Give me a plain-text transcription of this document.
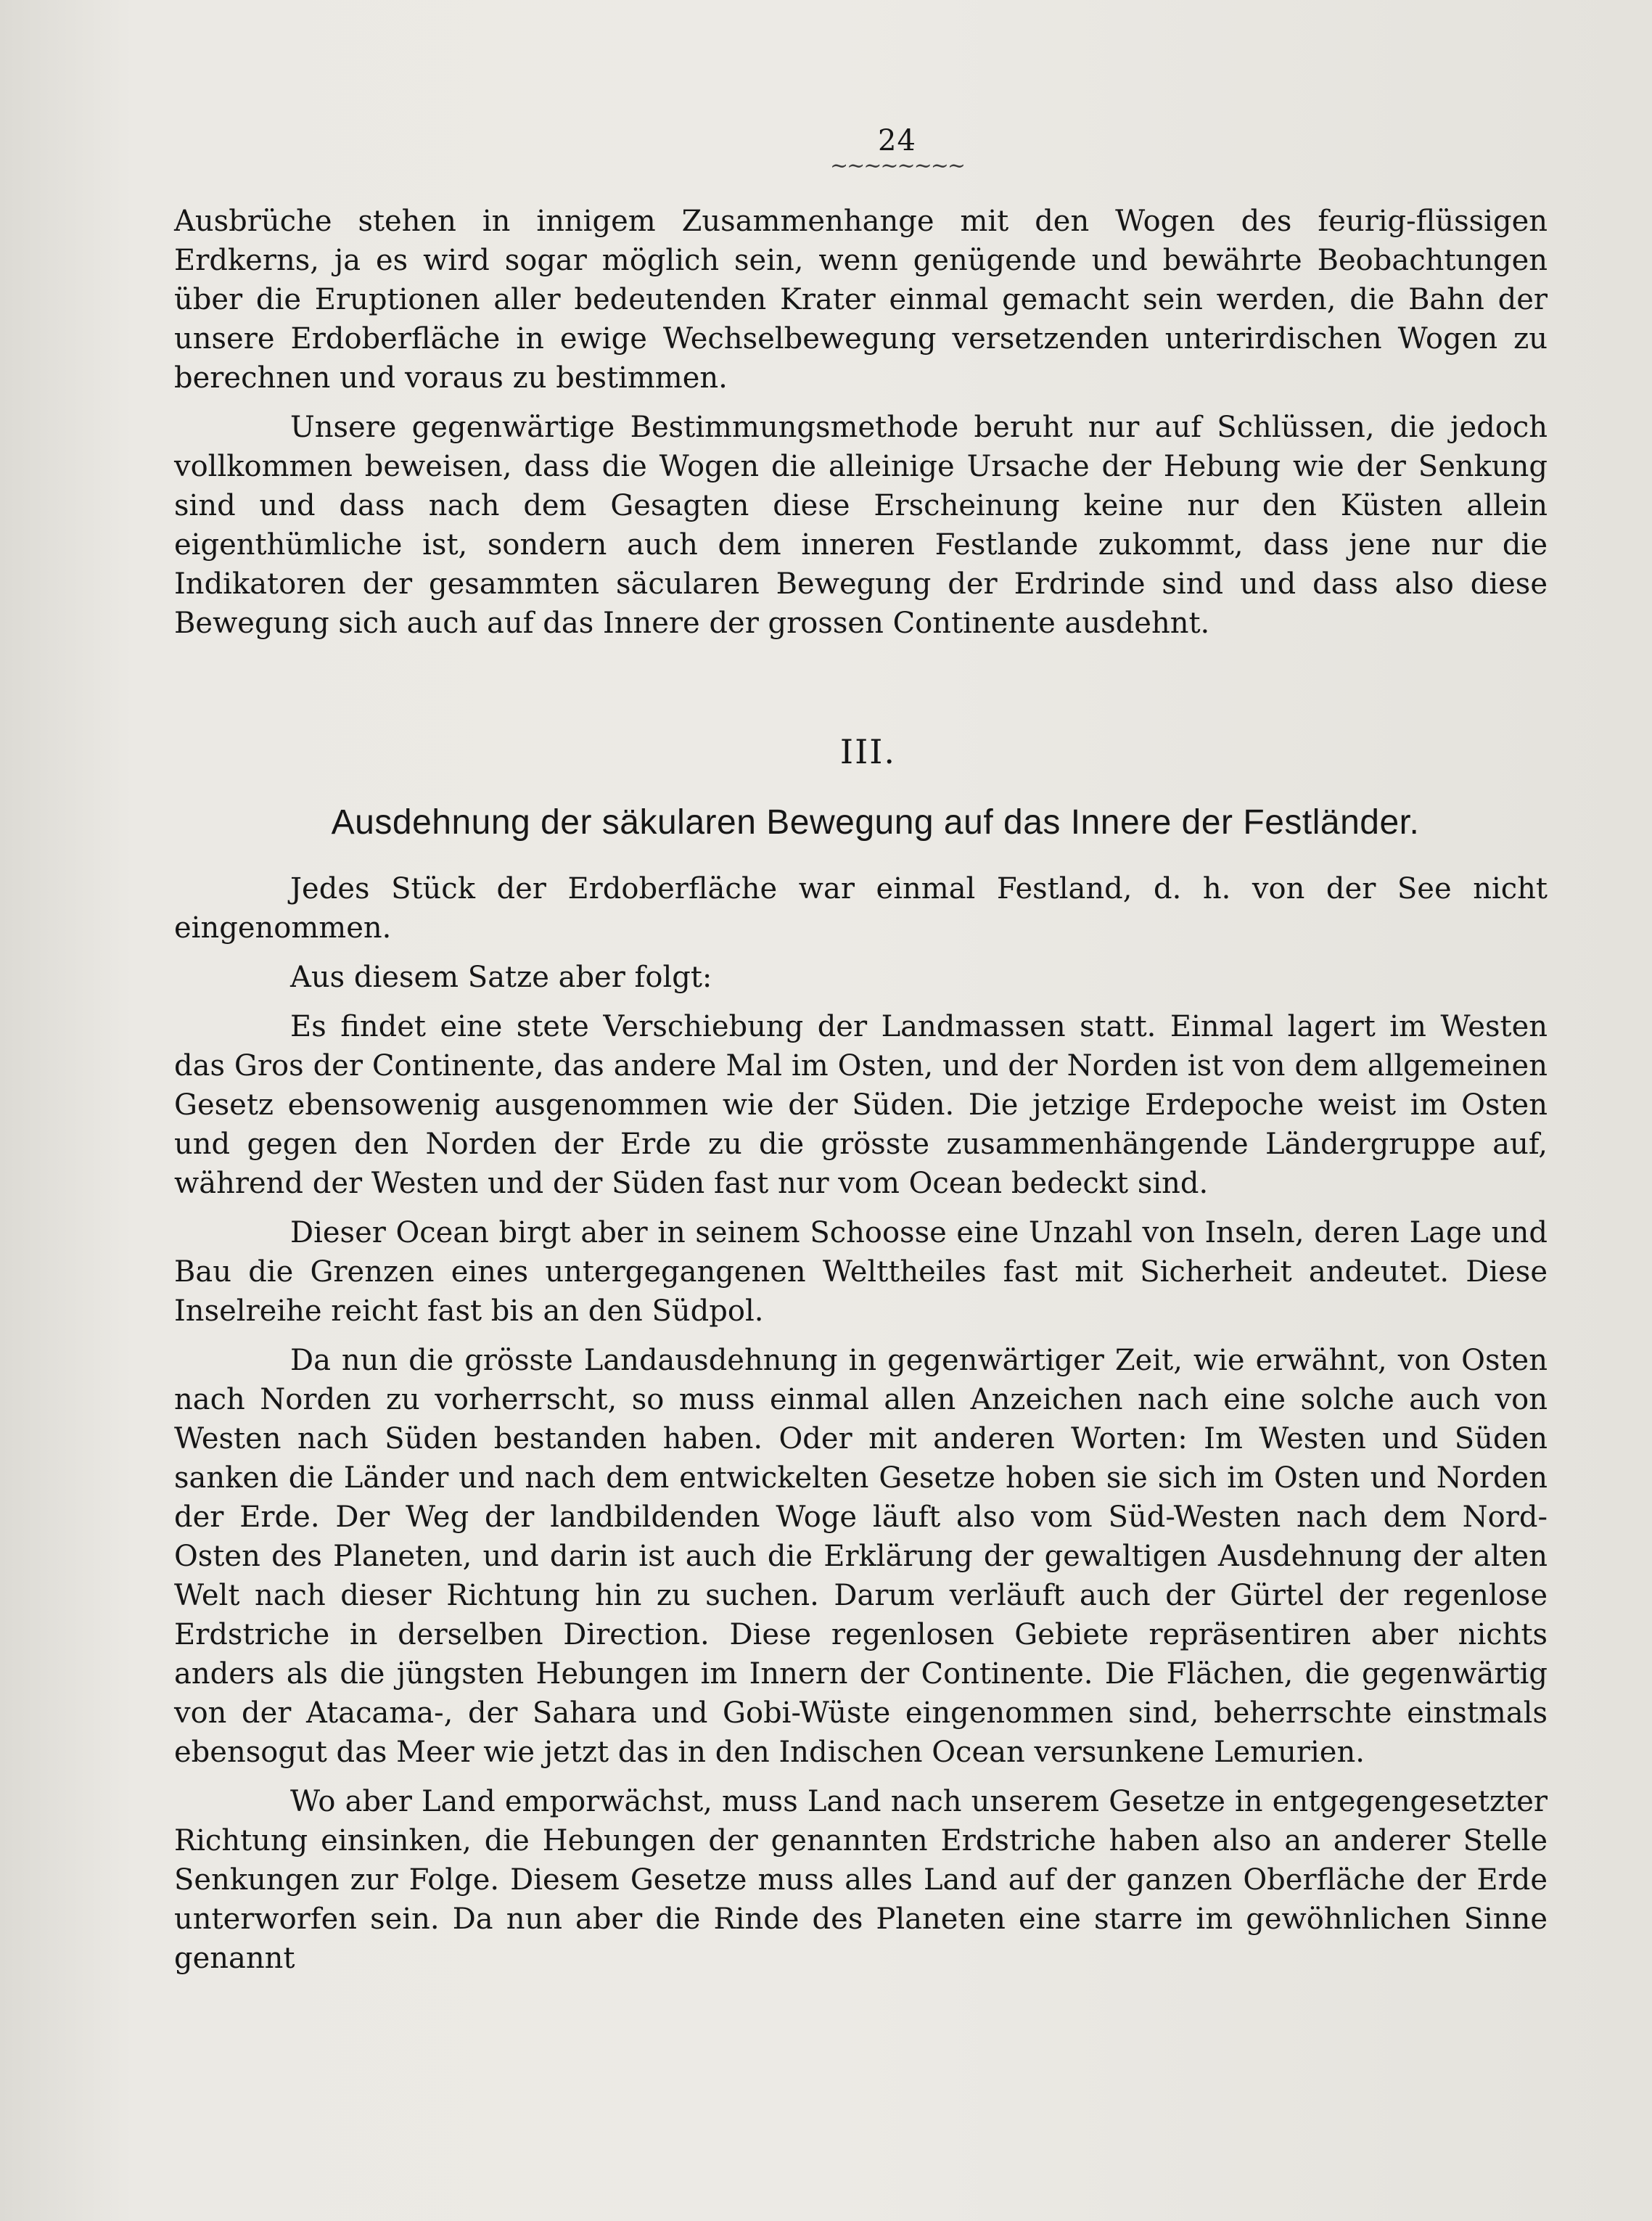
24
~~~~~~~~

Ausbrüche stehen in innigem Zusammenhange mit den Wogen des feurig-flüssigen Erdkerns, ja es wird sogar möglich sein, wenn genügende und bewährte Beobachtungen über die Eruptionen aller bedeutenden Krater einmal gemacht sein werden, die Bahn der unsere Erdoberfläche in ewige Wechselbewegung versetzenden unterirdischen Wogen zu berechnen und voraus zu bestimmen.

Unsere gegenwärtige Bestimmungsmethode beruht nur auf Schlüssen, die jedoch vollkommen beweisen, dass die Wogen die alleinige Ursache der Hebung wie der Senkung sind und dass nach dem Gesagten diese Erscheinung keine nur den Küsten allein eigenthümliche ist, sondern auch dem inneren Festlande zukommt, dass jene nur die Indikatoren der gesammten säcularen Bewegung der Erdrinde sind und dass also diese Bewegung sich auch auf das Innere der grossen Continente ausdehnt.

III.
Ausdehnung der säkularen Bewegung auf das Innere der Festländer.

Jedes Stück der Erdoberfläche war einmal Festland, d. h. von der See nicht eingenommen.

Aus diesem Satze aber folgt:

Es findet eine stete Verschiebung der Landmassen statt. Einmal lagert im Westen das Gros der Continente, das andere Mal im Osten, und der Norden ist von dem allgemeinen Gesetz ebensowenig ausgenommen wie der Süden. Die jetzige Erdepoche weist im Osten und gegen den Norden der Erde zu die grösste zusammenhängende Ländergruppe auf, während der Westen und der Süden fast nur vom Ocean bedeckt sind.

Dieser Ocean birgt aber in seinem Schoosse eine Unzahl von Inseln, deren Lage und Bau die Grenzen eines untergegangenen Welttheiles fast mit Sicherheit andeutet. Diese Inselreihe reicht fast bis an den Südpol.

Da nun die grösste Landausdehnung in gegenwärtiger Zeit, wie erwähnt, von Osten nach Norden zu vorherrscht, so muss einmal allen Anzeichen nach eine solche auch von Westen nach Süden bestanden haben. Oder mit anderen Worten: Im Westen und Süden sanken die Länder und nach dem entwickelten Gesetze hoben sie sich im Osten und Norden der Erde. Der Weg der landbildenden Woge läuft also vom Süd-Westen nach dem Nord-Osten des Planeten, und darin ist auch die Erklärung der gewaltigen Ausdehnung der alten Welt nach dieser Richtung hin zu suchen. Darum verläuft auch der Gürtel der regenlose Erdstriche in derselben Direction. Diese regenlosen Gebiete repräsentiren aber nichts anders als die jüngsten Hebungen im Innern der Continente. Die Flächen, die gegenwärtig von der Atacama-, der Sahara und Gobi-Wüste eingenommen sind, beherrschte einstmals ebensogut das Meer wie jetzt das in den Indischen Ocean versunkene Lemurien.

Wo aber Land emporwächst, muss Land nach unserem Gesetze in entgegengesetzter Richtung einsinken, die Hebungen der genannten Erdstriche haben also an anderer Stelle Senkungen zur Folge. Diesem Gesetze muss alles Land auf der ganzen Oberfläche der Erde unterworfen sein. Da nun aber die Rinde des Planeten eine starre im gewöhnlichen Sinne genannt
